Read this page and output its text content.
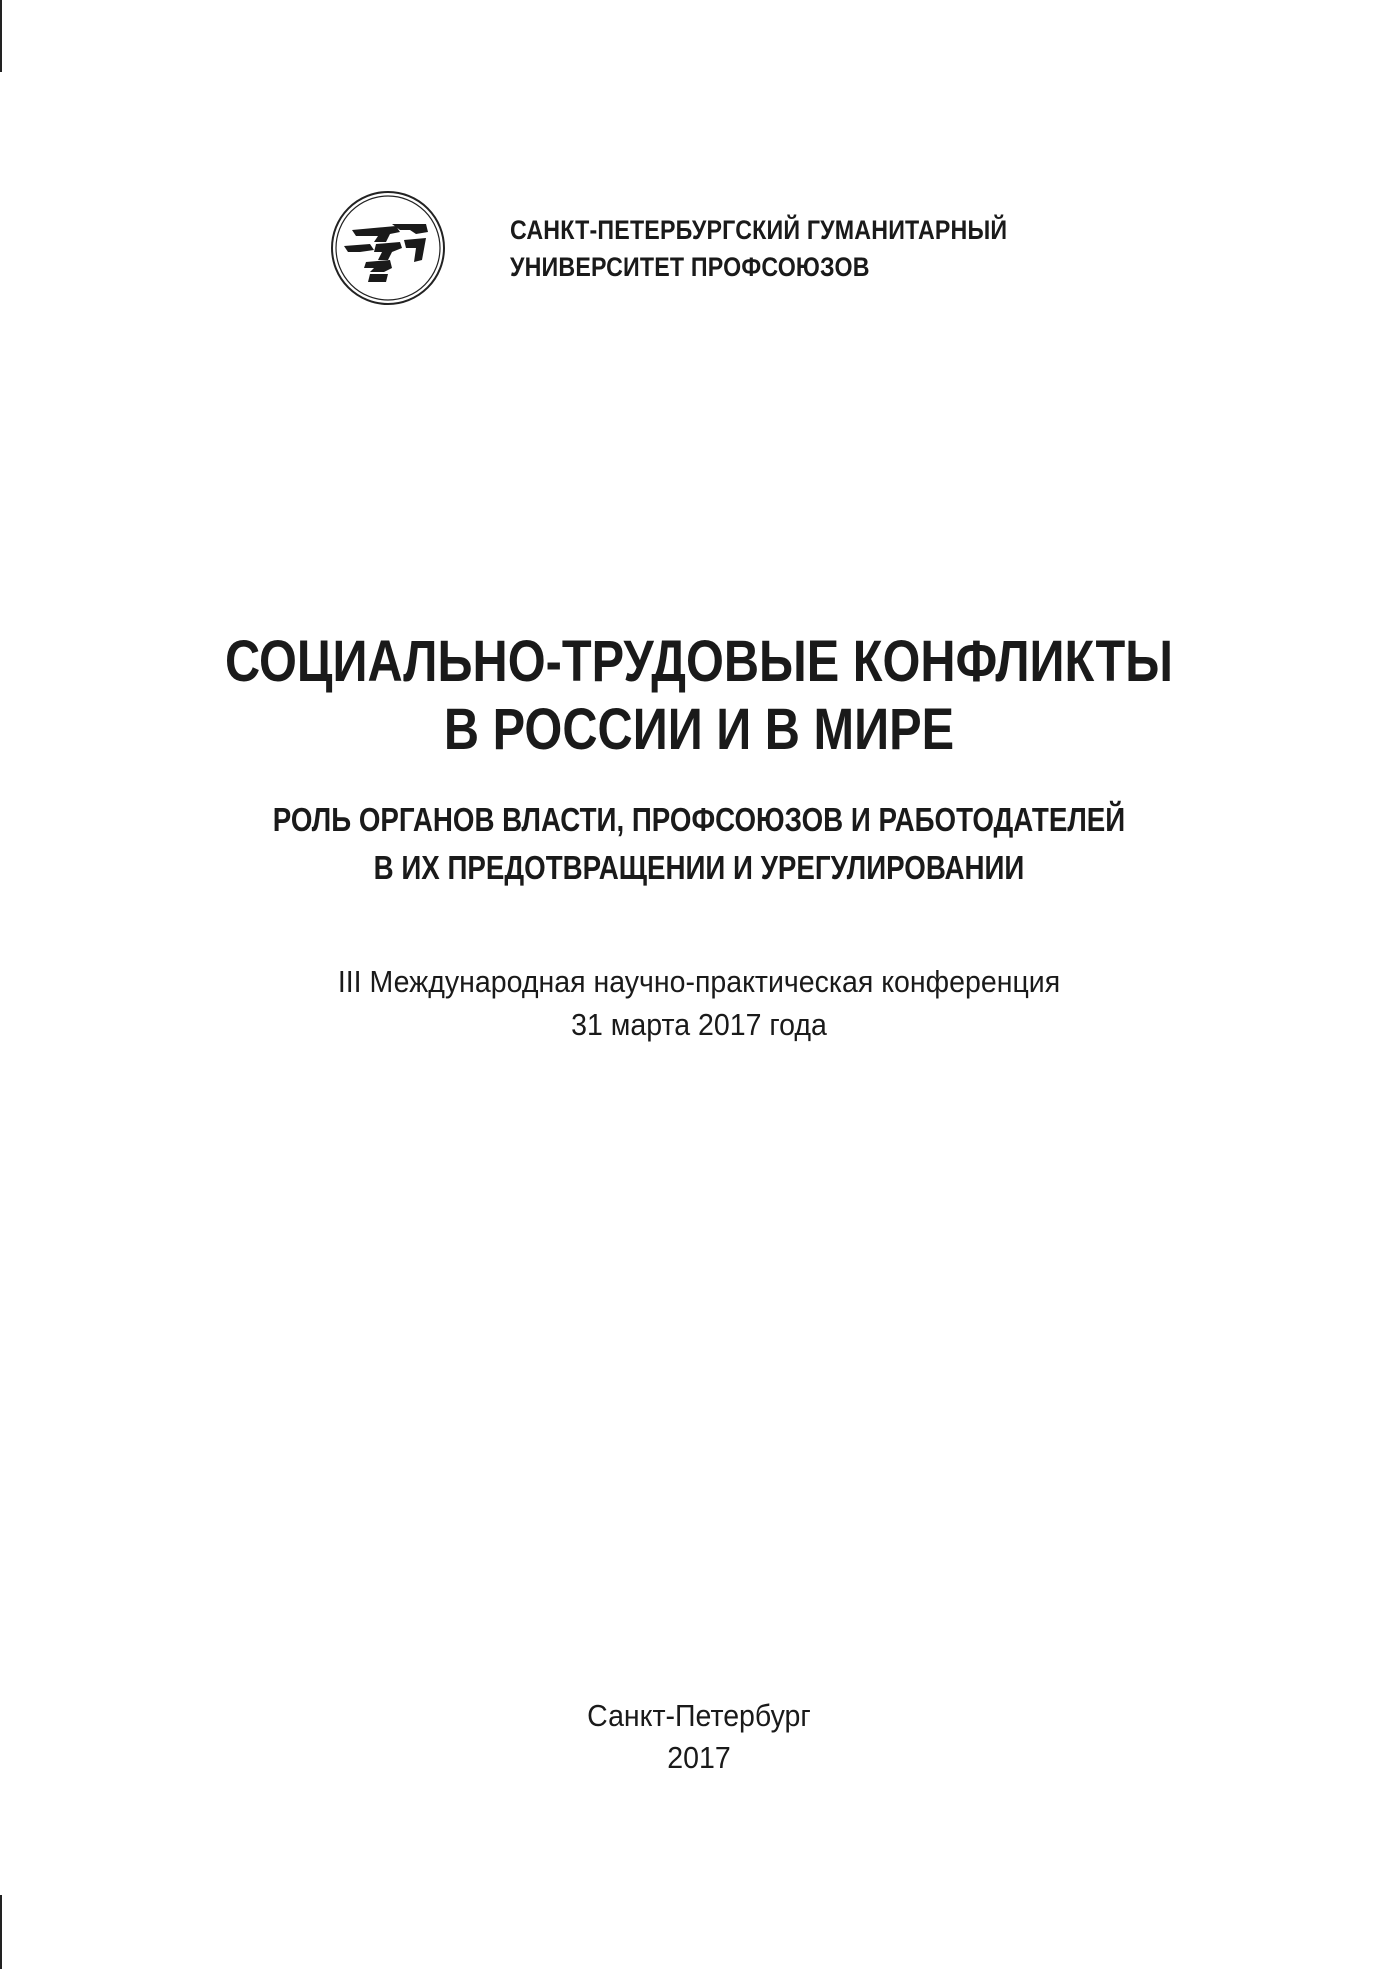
САНКТ-ПЕТЕРБУРГСКИЙ ГУМАНИТАРНЫЙ
УНИВЕРСИТЕТ ПРОФСОЮЗОВ
СОЦИАЛЬНО-ТРУДОВЫЕ КОНФЛИКТЫ
В РОССИИ И В МИРЕ
РОЛЬ ОРГАНОВ ВЛАСТИ, ПРОФСОЮЗОВ И РАБОТОДАТЕЛЕЙ
В ИХ ПРЕДОТВРАЩЕНИИ И УРЕГУЛИРОВАНИИ
III Международная научно-практическая конференция
31 марта 2017 года
Санкт-Петербург
2017
